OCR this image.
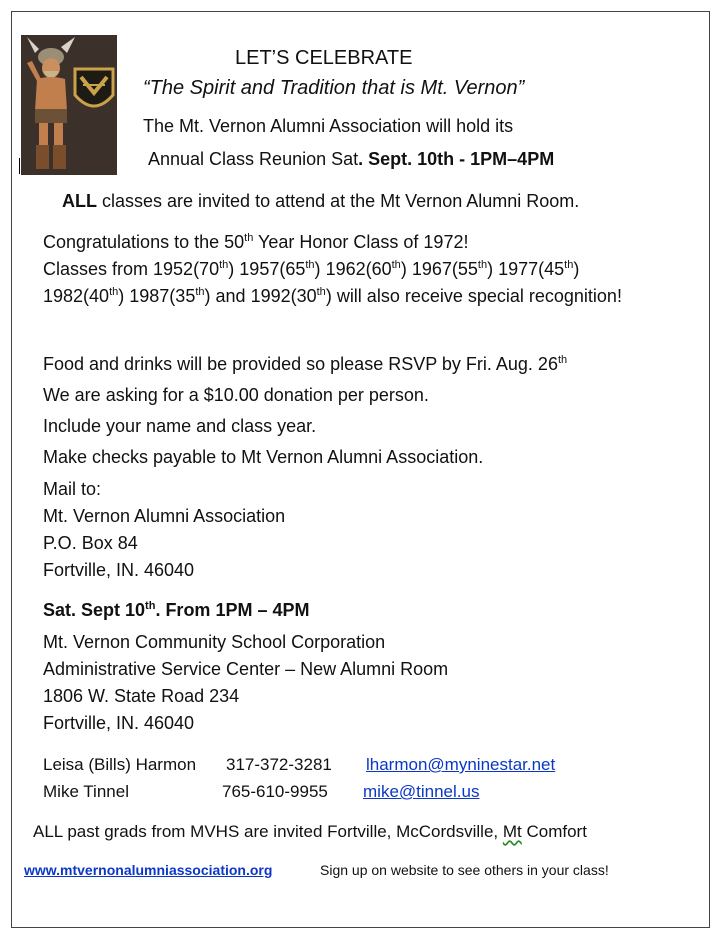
LET’S CELEBRATE
“The Spirit and Tradition that is Mt. Vernon”
The Mt. Vernon Alumni Association will hold its
Annual Class Reunion Sat. Sept. 10th - 1PM–4PM
ALL classes are invited to attend at the Mt Vernon Alumni Room.
Congratulations to the 50th Year Honor Class of 1972!
Classes from 1952(70th) 1957(65th) 1962(60th) 1967(55th) 1977(45th)
1982(40th) 1987(35th) and 1992(30th) will also receive special recognition!
Food and drinks will be provided so please RSVP by Fri. Aug. 26th
We are asking for a $10.00 donation per person.
Include your name and class year.
Make checks payable to Mt Vernon Alumni Association.
Mail to:
Mt. Vernon Alumni Association
P.O. Box 84
Fortville, IN. 46040
Sat. Sept 10th. From 1PM – 4PM
Mt. Vernon Community School Corporation
Administrative Service Center – New Alumni Room
1806 W. State Road 234
Fortville, IN. 46040
Leisa (Bills) Harmon 317-372-3281 lharmon@myninestar.net
Mike Tinnel	765-610-9955 mike@tinnel.us
ALL past grads from MVHS are invited Fortville, McCordsville, Mt Comfort
www.mtvernonalumniassociation.org	Sign up on website to see others in your class!
